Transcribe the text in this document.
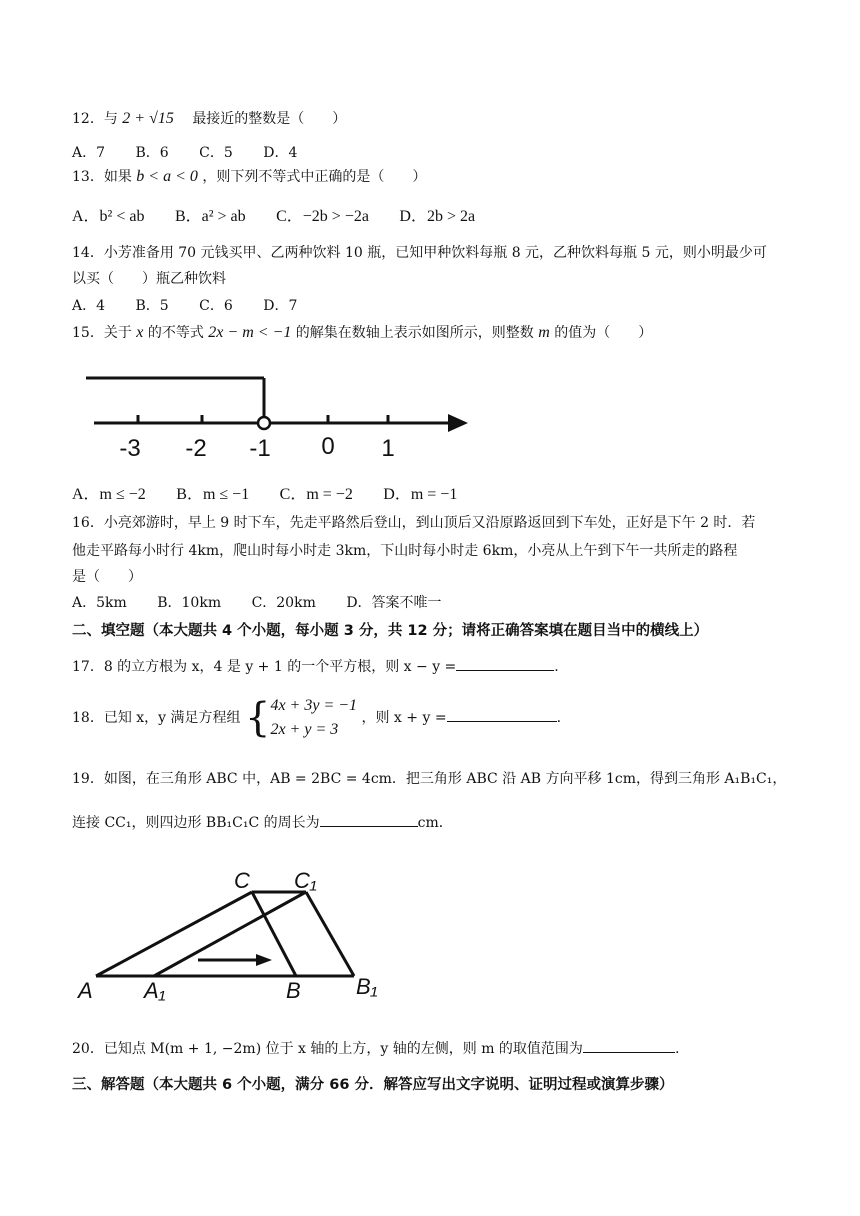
12．与 2 + √15 最接近的整数是（　　）
A．7 B．6 C．5 D．4
13．如果 b < a < 0 ，则下列不等式中正确的是（　　）
A．b² < ab B．a² > ab C．−2b > −2a D．2b > 2a
14．小芳准备用 70 元钱买甲、乙两种饮料 10 瓶，已知甲种饮料每瓶 8 元，乙种饮料每瓶 5 元，则小明最少可
以买（　　）瓶乙种饮料
A．4 B．5 C．6 D．7
15．关于 x 的不等式 2x − m < −1 的解集在数轴上表示如图所示，则整数 m 的值为（　　）
-3 -2 -1 0 1
A．m ≤ −2 B．m ≤ −1 C．m = −2 D．m = −1
16．小亮郊游时，早上 9 时下车，先走平路然后登山，到山顶后又沿原路返回到下车处，正好是下午 2 时．若
他走平路每小时行 4km，爬山时每小时走 3km，下山时每小时走 6km，小亮从上午到下午一共所走的路程
是（　　）
A．5km B．10km C．20km D．答案不唯一
二、填空题（本大题共 4 个小题，每小题 3 分，共 12 分；请将正确答案填在题目当中的横线上）
17．8 的立方根为 x，4 是 y + 1 的一个平方根，则 x − y =	.
18．已知 x，y 满足方程组 { 4x + 3y = −1
2x + y = 3
，则 x + y =	.
19．如图，在三角形 ABC 中，AB = 2BC = 4cm．把三角形 ABC 沿 AB 方向平移 1cm，得到三角形 A₁B₁C₁，
连接 CC₁，则四边形 BB₁C₁C 的周长为	cm．
A A₁	B	B₁
C C₁
20．已知点 M(m + 1, −2m) 位于 x 轴的上方，y 轴的左侧，则 m 的取值范围为	.
三、解答题（本大题共 6 个小题，满分 66 分．解答应写出文字说明、证明过程或演算步骤）
